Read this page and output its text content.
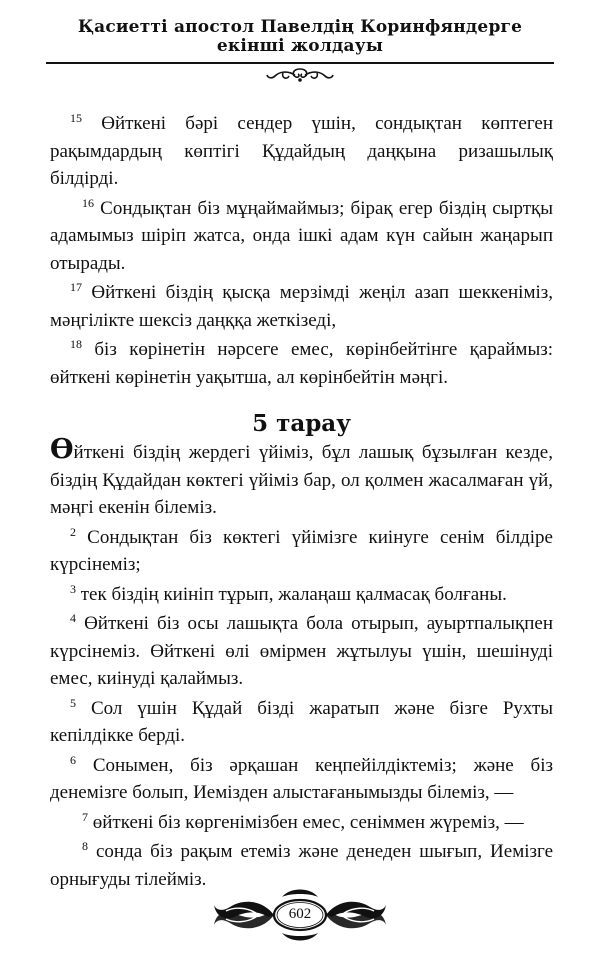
Қасиетті апостол Павелдің Коринфяндерге
екінші жолдауы

$^{15}$ Өйткені бәрі сендер үшін, сондықтан көптеген рақымдардың көптігі Құдайдың даңқына ризашылық білдірді.

$^{16}$ Сондықтан біз мұңаймаймыз; бірақ егер біздің сыртқы адамымыз шіріп жатса, онда ішкі адам күн сайын жаңарып отырады.

$^{17}$ Өйткені біздің қысқа мерзімді жеңіл азап шеккеніміз, мәңгілікте шексіз даңққа жеткізеді,

$^{18}$ біз көрінетін нәрсеге емес, көрінбейтінге қараймыз: өйткені көрінетін уақытша, ал көрінбейтін мәңгі.

5 тарау

Өйткені біздің жердегі үйіміз, бұл лашық бұзылған кезде, біздің Құдайдан көктегі үйіміз бар, ол қолмен жасалмаған үй, мәңгі екенін білеміз.

$^2$ Сондықтан біз көктегі үйімізге киінуге сенім білдіре күрсінеміз;

$^3$ тек біздің киініп тұрып, жалаңаш қалмасақ болғаны.

$^4$ Өйткені біз осы лашықта бола отырып, ауыртпалықпен күрсінеміз. Өйткені өлі өмірмен жұтылуы үшін, шешінуді емес, киінуді қалаймыз.

$^5$ Сол үшін Құдай бізді жаратып және бізге Рухты кепілдікке берді.

$^6$ Сонымен, біз әрқашан кеңпейілдіктеміз; және біз денемізге болып, Иемізден алыстағанымызды білеміз, —

$^7$ өйткені біз көргенімізбен емес, сеніммен жүреміз, —

$^8$ сонда біз рақым етеміз және денеден шығып, Иемізге орнығуды тілейміз.

602
